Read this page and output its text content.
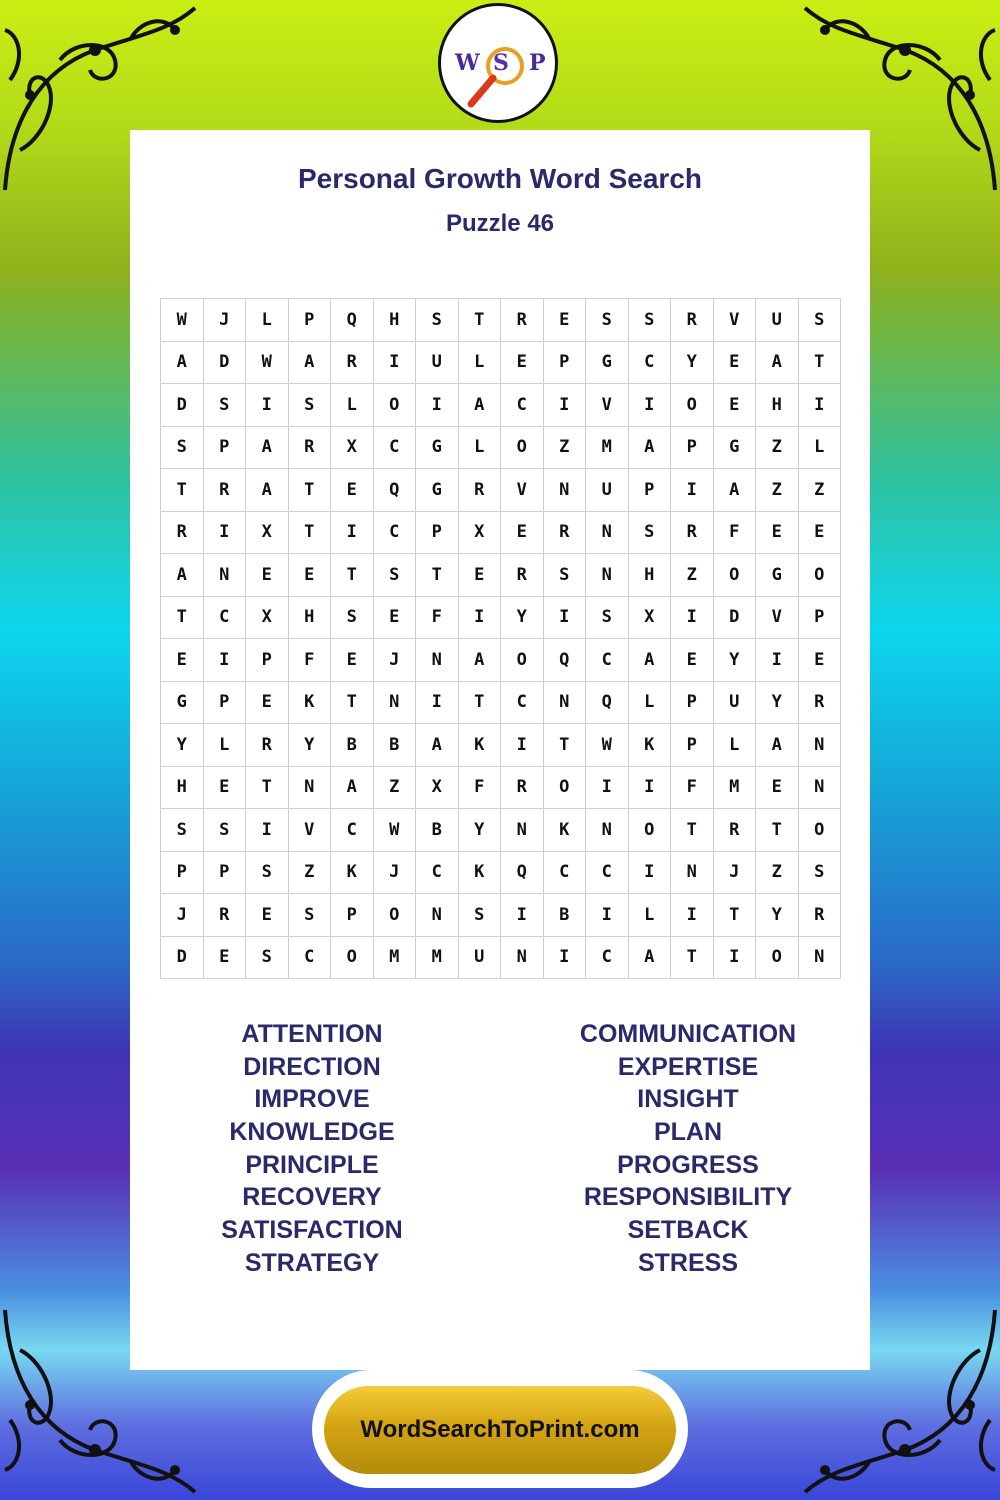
W S P
Personal Growth Word Search
Puzzle 46
W	J	L	P	Q	H	S	T	R	E	S	S	R	V	U	S
A	D	W	A	R	I	U	L	E	P	G	C	Y	E	A	T
D	S	I	S	L	O	I	A	C	I	V	I	O	E	H	I
S	P	A	R	X	C	G	L	O	Z	M	A	P	G	Z	L
T	R	A	T	E	Q	G	R	V	N	U	P	I	A	Z	Z
R	I	X	T	I	C	P	X	E	R	N	S	R	F	E	E
A	N	E	E	T	S	T	E	R	S	N	H	Z	O	G	O
T	C	X	H	S	E	F	I	Y	I	S	X	I	D	V	P
E	I	P	F	E	J	N	A	O	Q	C	A	E	Y	I	E
G	P	E	K	T	N	I	T	C	N	Q	L	P	U	Y	R
Y	L	R	Y	B	B	A	K	I	T	W	K	P	L	A	N
H	E	T	N	A	Z	X	F	R	O	I	I	F	M	E	N
S	S	I	V	C	W	B	Y	N	K	N	O	T	R	T	O
P	P	S	Z	K	J	C	K	Q	C	C	I	N	J	Z	S
J	R	E	S	P	O	N	S	I	B	I	L	I	T	Y	R
D	E	S	C	O	M	M	U	N	I	C	A	T	I	O	N
ATTENTION
DIRECTION
IMPROVE
KNOWLEDGE
PRINCIPLE
RECOVERY
SATISFACTION
STRATEGY
COMMUNICATION
EXPERTISE
INSIGHT
PLAN
PROGRESS
RESPONSIBILITY
SETBACK
STRESS
WordSearchToPrint.com
